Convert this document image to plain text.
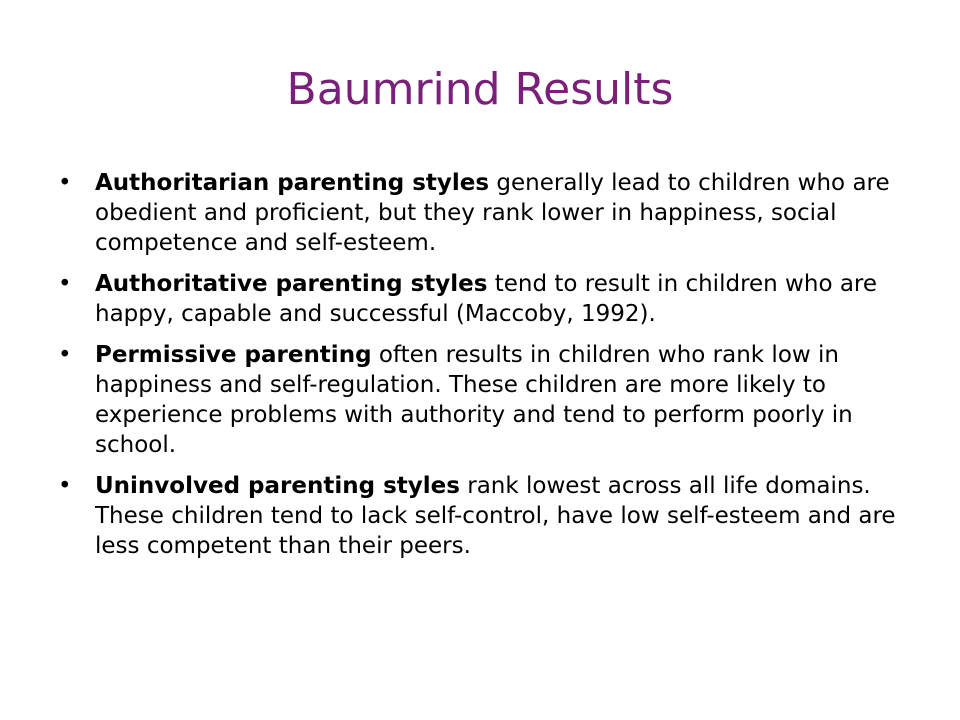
Baumrind Results
• Authoritarian parenting styles generally lead to children who are obedient and proficient, but they rank lower in happiness, social competence and self-esteem.
• Authoritative parenting styles tend to result in children who are happy, capable and successful (Maccoby, 1992).
• Permissive parenting often results in children who rank low in happiness and self-regulation. These children are more likely to experience problems with authority and tend to perform poorly in school.
• Uninvolved parenting styles rank lowest across all life domains. These children tend to lack self-control, have low self-esteem and are less competent than their peers.
